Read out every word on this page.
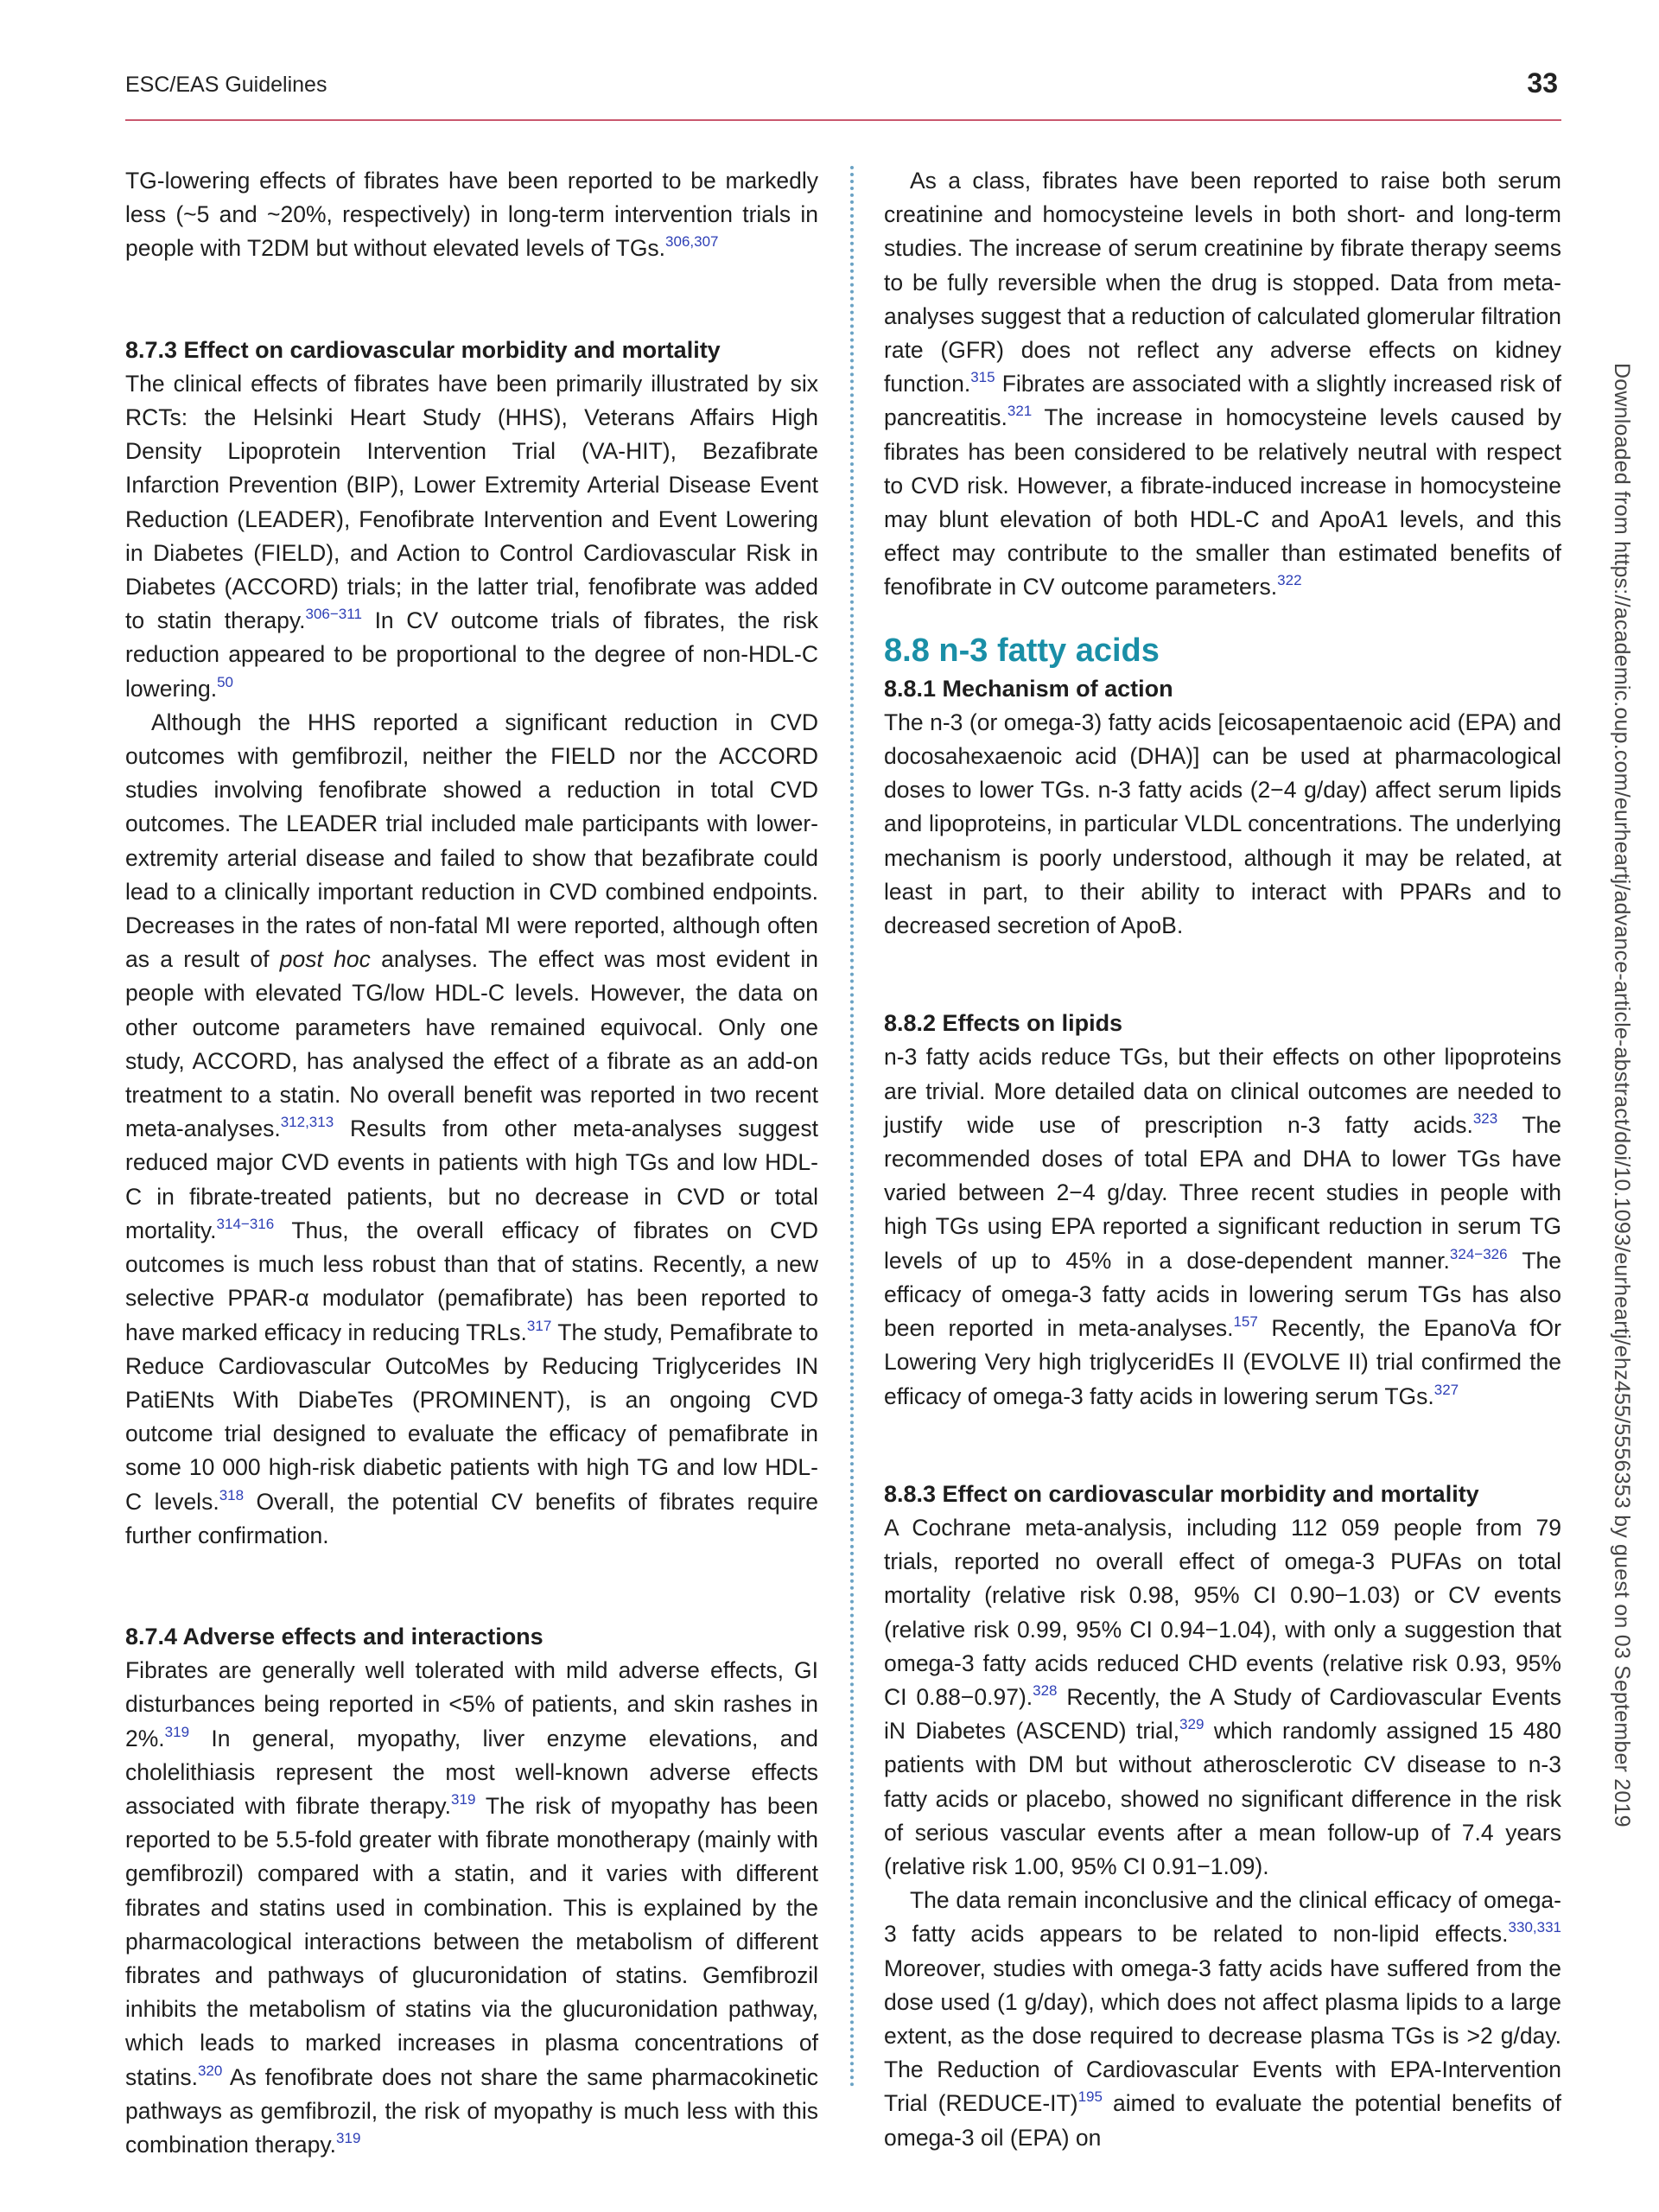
ESC/EAS Guidelines	33

TG-lowering effects of fibrates have been reported to be markedly less (~5 and ~20%, respectively) in long-term intervention trials in people with T2DM but without elevated levels of TGs.$^{306,307}$

8.7.3 Effect on cardiovascular morbidity and mortality

The clinical effects of fibrates have been primarily illustrated by six RCTs: the Helsinki Heart Study (HHS), Veterans Affairs High Density Lipoprotein Intervention Trial (VA-HIT), Bezafibrate Infarction Prevention (BIP), Lower Extremity Arterial Disease Event Reduction (LEADER), Fenofibrate Intervention and Event Lowering in Diabetes (FIELD), and Action to Control Cardiovascular Risk in Diabetes (ACCORD) trials; in the latter trial, fenofibrate was added to statin therapy.$^{306-311}$ In CV outcome trials of fibrates, the risk reduction appeared to be proportional to the degree of non-HDL-C lowering.$^{50}$

Although the HHS reported a significant reduction in CVD outcomes with gemfibrozil, neither the FIELD nor the ACCORD studies involving fenofibrate showed a reduction in total CVD outcomes. The LEADER trial included male participants with lower-extremity arterial disease and failed to show that bezafibrate could lead to a clinically important reduction in CVD combined endpoints. Decreases in the rates of non-fatal MI were reported, although often as a result of post hoc analyses. The effect was most evident in people with elevated TG/low HDL-C levels. However, the data on other outcome parameters have remained equivocal. Only one study, ACCORD, has analysed the effect of a fibrate as an add-on treatment to a statin. No overall benefit was reported in two recent meta-analyses.$^{312,313}$ Results from other meta-analyses suggest reduced major CVD events in patients with high TGs and low HDL-C in fibrate-treated patients, but no decrease in CVD or total mortality.$^{314-316}$ Thus, the overall efficacy of fibrates on CVD outcomes is much less robust than that of statins. Recently, a new selective PPAR-α modulator (pemafibrate) has been reported to have marked efficacy in reducing TRLs.$^{317}$ The study, Pemafibrate to Reduce Cardiovascular OutcoMes by Reducing Triglycerides IN PatiENts With DiabeTes (PROMINENT), is an ongoing CVD outcome trial designed to evaluate the efficacy of pemafibrate in some 10 000 high-risk diabetic patients with high TG and low HDL-C levels.$^{318}$ Overall, the potential CV benefits of fibrates require further confirmation.

8.7.4 Adverse effects and interactions

Fibrates are generally well tolerated with mild adverse effects, GI disturbances being reported in <5% of patients, and skin rashes in 2%.$^{319}$ In general, myopathy, liver enzyme elevations, and cholelithiasis represent the most well-known adverse effects associated with fibrate therapy.$^{319}$ The risk of myopathy has been reported to be 5.5-fold greater with fibrate monotherapy (mainly with gemfibrozil) compared with a statin, and it varies with different fibrates and statins used in combination. This is explained by the pharmacological interactions between the metabolism of different fibrates and pathways of glucuronidation of statins. Gemfibrozil inhibits the metabolism of statins via the glucuronidation pathway, which leads to marked increases in plasma concentrations of statins.$^{320}$ As fenofibrate does not share the same pharmacokinetic pathways as gemfibrozil, the risk of myopathy is much less with this combination therapy.$^{319}$

As a class, fibrates have been reported to raise both serum creatinine and homocysteine levels in both short- and long-term studies. The increase of serum creatinine by fibrate therapy seems to be fully reversible when the drug is stopped. Data from meta-analyses suggest that a reduction of calculated glomerular filtration rate (GFR) does not reflect any adverse effects on kidney function.$^{315}$ Fibrates are associated with a slightly increased risk of pancreatitis.$^{321}$ The increase in homocysteine levels caused by fibrates has been considered to be relatively neutral with respect to CVD risk. However, a fibrate-induced increase in homocysteine may blunt elevation of both HDL-C and ApoA1 levels, and this effect may contribute to the smaller than estimated benefits of fenofibrate in CV outcome parameters.$^{322}$

8.8 n-3 fatty acids
8.8.1 Mechanism of action

The n-3 (or omega-3) fatty acids [eicosapentaenoic acid (EPA) and docosahexaenoic acid (DHA)] can be used at pharmacological doses to lower TGs. n-3 fatty acids (2−4 g/day) affect serum lipids and lipoproteins, in particular VLDL concentrations. The underlying mechanism is poorly understood, although it may be related, at least in part, to their ability to interact with PPARs and to decreased secretion of ApoB.

8.8.2 Effects on lipids

n-3 fatty acids reduce TGs, but their effects on other lipoproteins are trivial. More detailed data on clinical outcomes are needed to justify wide use of prescription n-3 fatty acids.$^{323}$ The recommended doses of total EPA and DHA to lower TGs have varied between 2−4 g/day. Three recent studies in people with high TGs using EPA reported a significant reduction in serum TG levels of up to 45% in a dose-dependent manner.$^{324-326}$ The efficacy of omega-3 fatty acids in lowering serum TGs has also been reported in meta-analyses.$^{157}$ Recently, the EpanoVa fOr Lowering Very high triglyceridEs II (EVOLVE II) trial confirmed the efficacy of omega-3 fatty acids in lowering serum TGs.$^{327}$

8.8.3 Effect on cardiovascular morbidity and mortality

A Cochrane meta-analysis, including 112 059 people from 79 trials, reported no overall effect of omega-3 PUFAs on total mortality (relative risk 0.98, 95% CI 0.90−1.03) or CV events (relative risk 0.99, 95% CI 0.94−1.04), with only a suggestion that omega-3 fatty acids reduced CHD events (relative risk 0.93, 95% CI 0.88−0.97).$^{328}$ Recently, the A Study of Cardiovascular Events iN Diabetes (ASCEND) trial,$^{329}$ which randomly assigned 15 480 patients with DM but without atherosclerotic CV disease to n-3 fatty acids or placebo, showed no significant difference in the risk of serious vascular events after a mean follow-up of 7.4 years (relative risk 1.00, 95% CI 0.91−1.09).

The data remain inconclusive and the clinical efficacy of omega-3 fatty acids appears to be related to non-lipid effects.$^{330,331}$ Moreover, studies with omega-3 fatty acids have suffered from the dose used (1 g/day), which does not affect plasma lipids to a large extent, as the dose required to decrease plasma TGs is >2 g/day. The Reduction of Cardiovascular Events with EPA-Intervention Trial (REDUCE-IT)$^{195}$ aimed to evaluate the potential benefits of omega-3 oil (EPA) on

Downloaded from https://academic.oup.com/eurheartj/advance-article-abstract/doi/10.1093/eurheartj/ehz455/5556353 by guest on 03 September 2019
